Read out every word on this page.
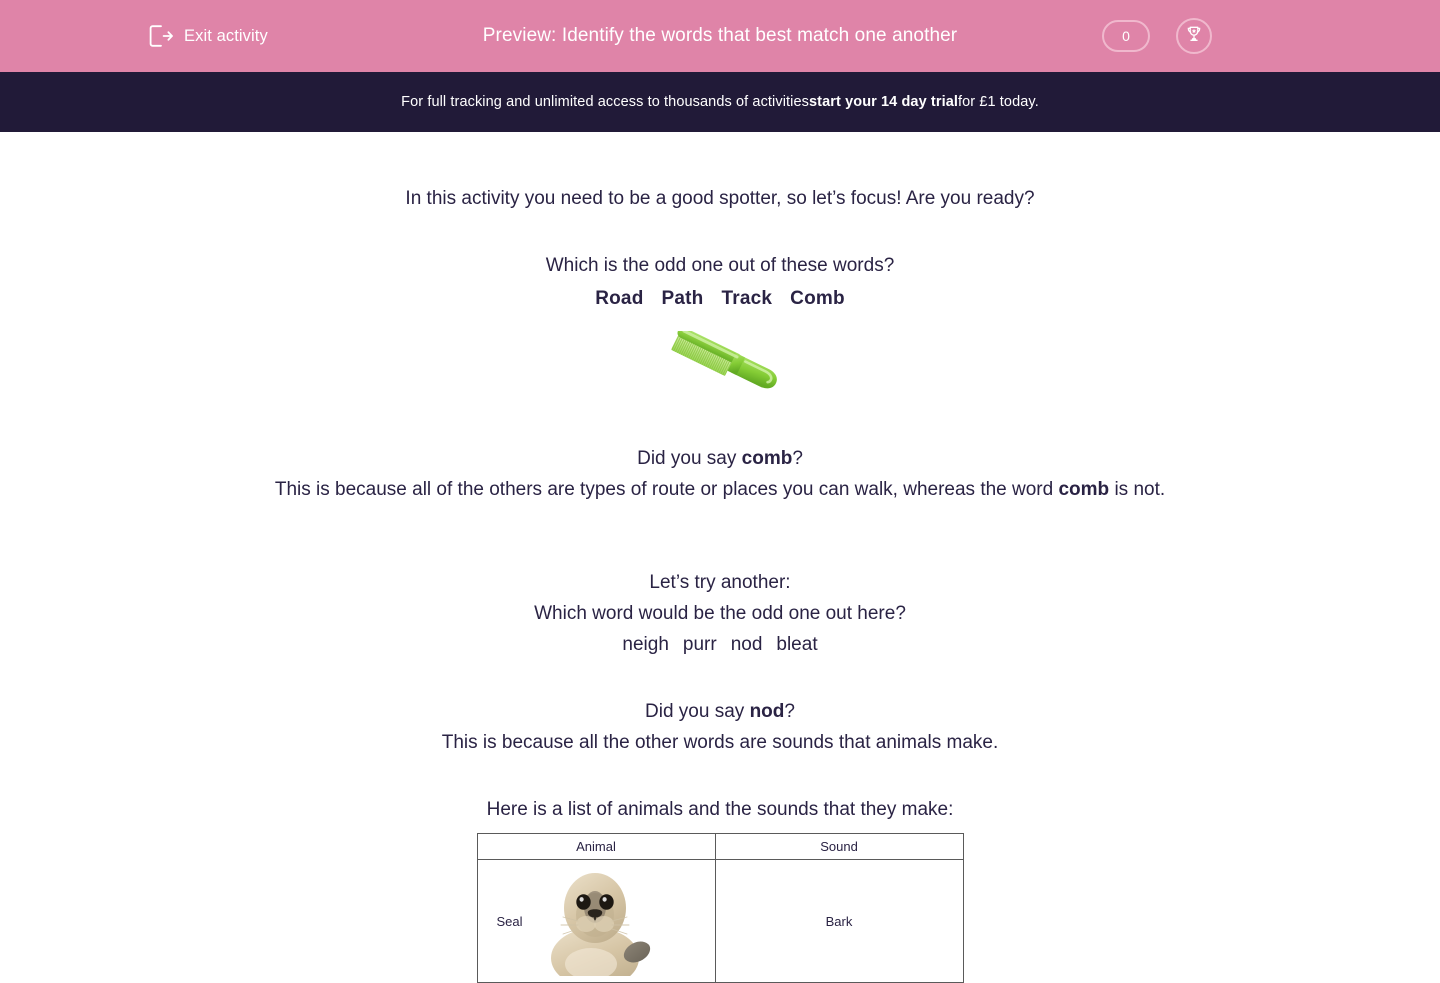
Exit activity	Preview: Identify the words that best match one another	0
For full tracking and unlimited access to thousands of activities start your 14 day trial for £1 today.
In this activity you need to be a good spotter, so let’s focus! Are you ready?
Which is the odd one out of these words?
Road Path Track Comb
Did you say comb?
This is because all of the others are types of route or places you can walk, whereas the word comb is not.
Let’s try another:
Which word would be the odd one out here?
neigh purr nod bleat
Did you say nod?
This is because all the other words are sounds that animals make.
Here is a list of animals and the sounds that they make:
Animal	Sound

Seal	Bark
